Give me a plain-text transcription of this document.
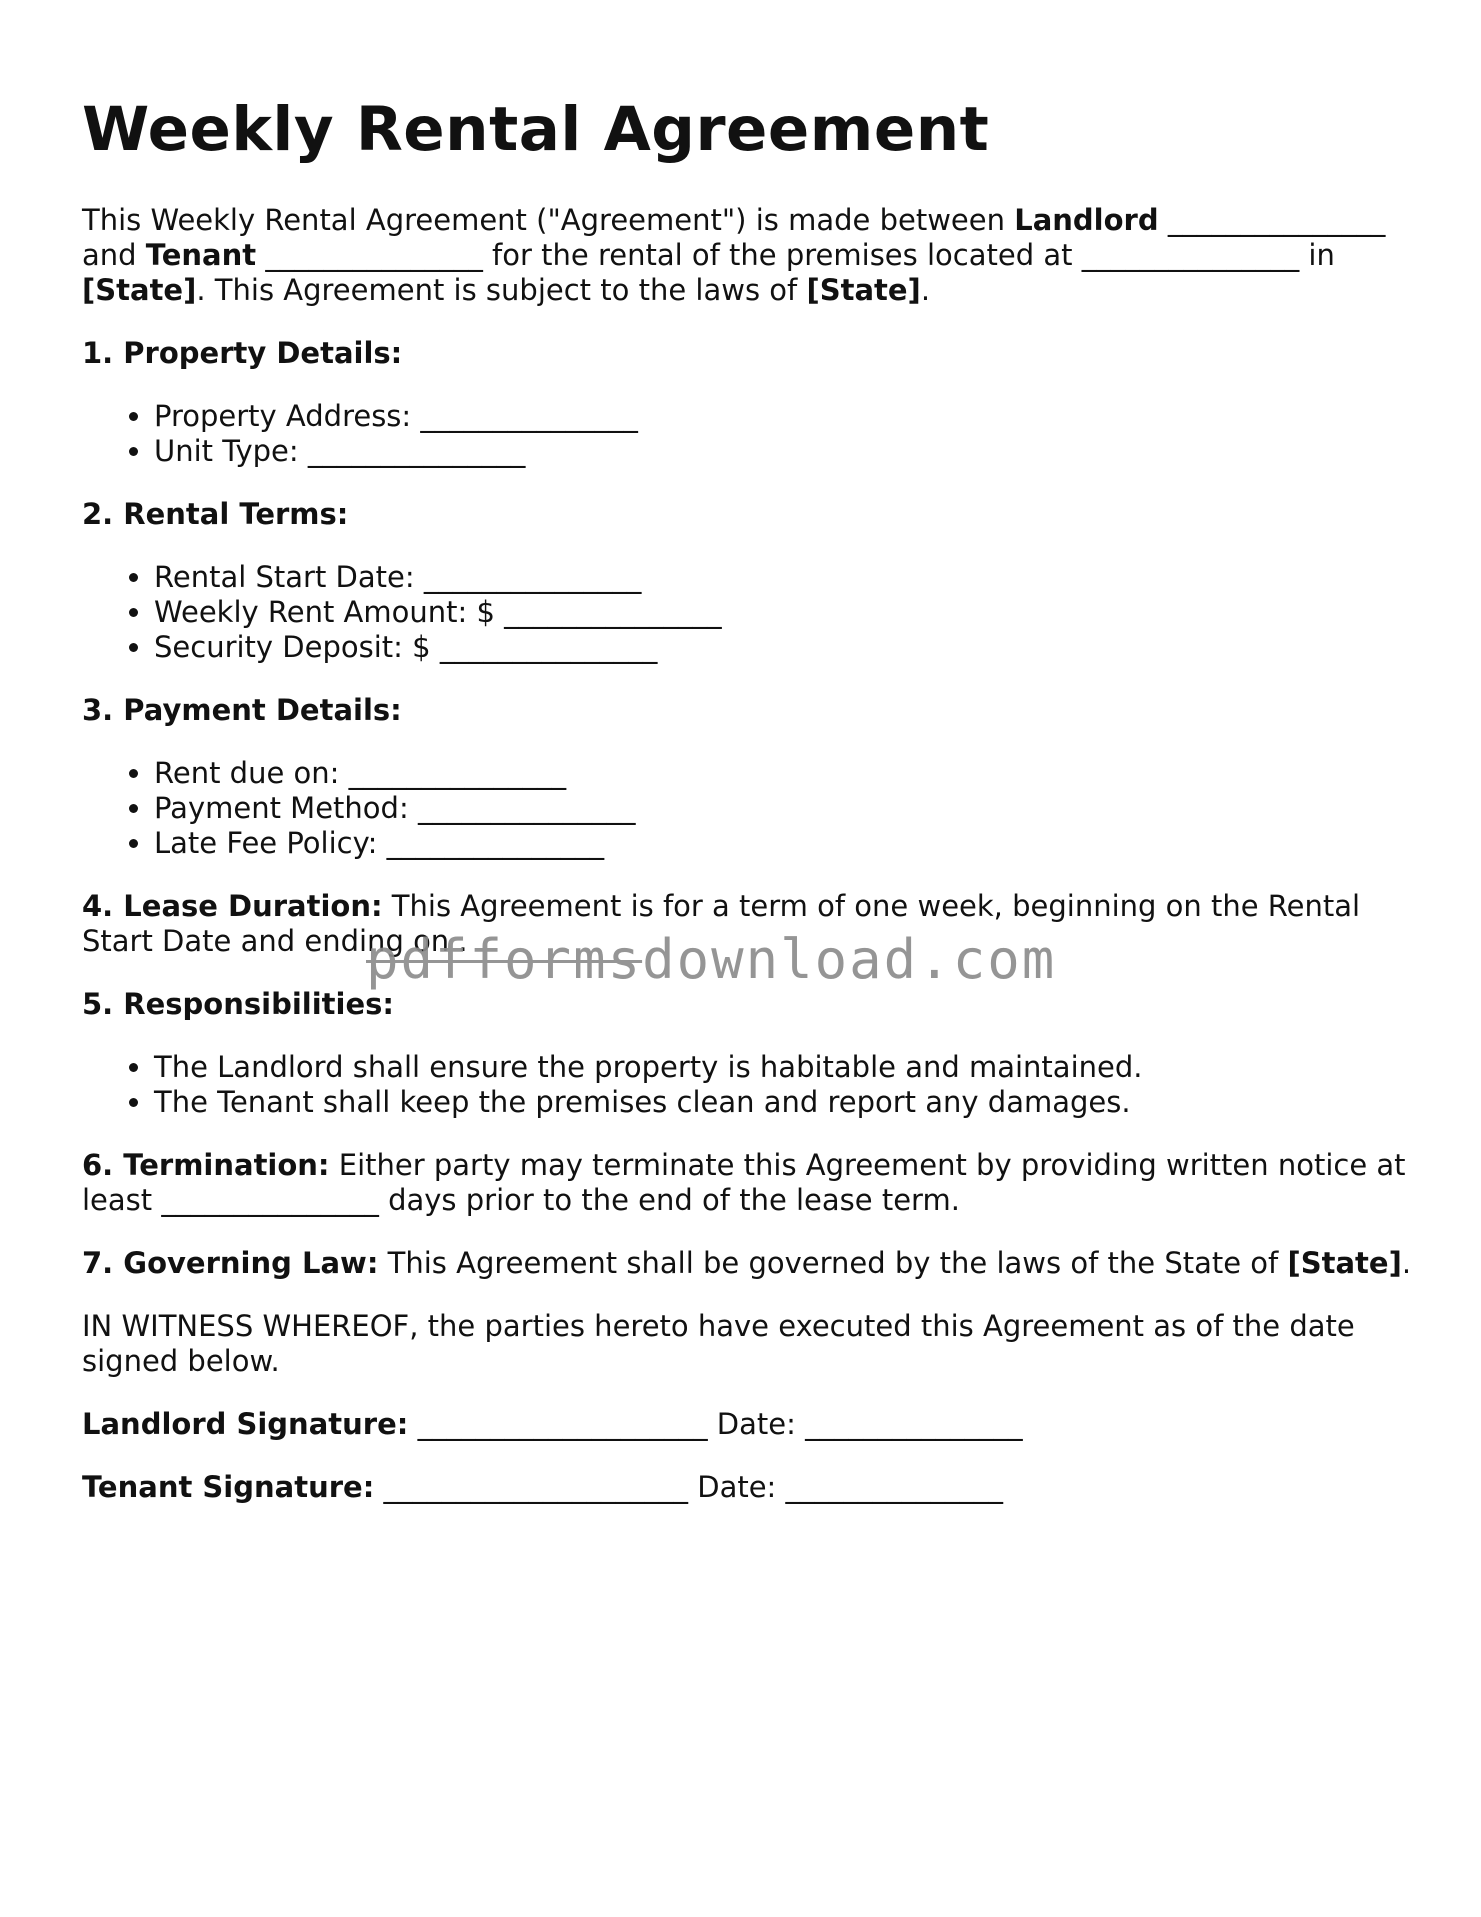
Weekly Rental Agreement

This Weekly Rental Agreement ("Agreement") is made between Landlord _______________ and Tenant _______________ for the rental of the premises located at _______________ in [State]. This Agreement is subject to the laws of [State].

1. Property Details:

• Property Address: _______________
• Unit Type: _______________

2. Rental Terms:

• Rental Start Date: _______________
• Weekly Rent Amount: $ _______________
• Security Deposit: $ _______________

3. Payment Details:

• Rent due on: _______________
• Payment Method: _______________
• Late Fee Policy: _______________

4. Lease Duration: This Agreement is for a term of one week, beginning on the Rental Start Date and ending on .

5. Responsibilities:

• The Landlord shall ensure the property is habitable and maintained.
• The Tenant shall keep the premises clean and report any damages.

6. Termination: Either party may terminate this Agreement by providing written notice at least _______________ days prior to the end of the lease term.

7. Governing Law: This Agreement shall be governed by the laws of the State of [State].

IN WITNESS WHEREOF, the parties hereto have executed this Agreement as of the date signed below.

Landlord Signature: ____________________ Date: _______________

Tenant Signature: _____________________ Date: _______________

pdfformsdownload.com
